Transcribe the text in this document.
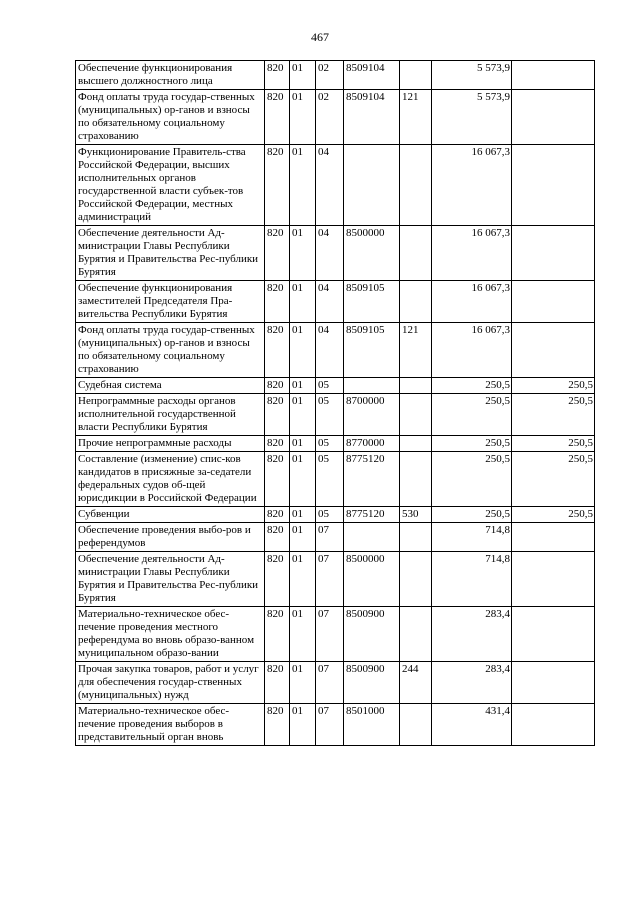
467
Обеспечение функционирования высшего должностного лица	820	01	02	8509104		5 573,9	
Фонд оплаты труда государ-ственных (муниципальных) ор-ганов и взносы по обязательному социальному страхованию	820	01	02	8509104	121	5 573,9	
Функционирование Правитель-ства Российской Федерации, высших исполнительных органов государственной власти субъек-тов Российской Федерации, местных администраций	820	01	04			16 067,3	
Обеспечение деятельности Ад-министрации Главы Республики Бурятия и Правительства Рес-публики Бурятия	820	01	04	8500000		16 067,3	
Обеспечение функционирования заместителей Председателя Пра-вительства Республики Бурятия	820	01	04	8509105		16 067,3	
Фонд оплаты труда государ-ственных (муниципальных) ор-ганов и взносы по обязательному социальному страхованию	820	01	04	8509105	121	16 067,3	
Судебная система	820	01	05			250,5	250,5
Непрограммные расходы органов исполнительной государственной власти Республики Бурятия	820	01	05	8700000		250,5	250,5
Прочие непрограммные расходы	820	01	05	8770000		250,5	250,5
Составление (изменение) спис-ков кандидатов в присяжные за-седатели федеральных судов об-щей юрисдикции в Российской Федерации	820	01	05	8775120		250,5	250,5
Субвенции	820	01	05	8775120	530	250,5	250,5
Обеспечение проведения выбо-ров и референдумов	820	01	07			714,8	
Обеспечение деятельности Ад-министрации Главы Республики Бурятия и Правительства Рес-публики Бурятия	820	01	07	8500000		714,8	
Материально-техническое обес-печение проведения местного референдума во вновь образо-ванном муниципальном образо-вании	820	01	07	8500900		283,4	
Прочая закупка товаров, работ и услуг для обеспечения государ-ственных (муниципальных) нужд	820	01	07	8500900	244	283,4	
Материально-техническое обес-печение проведения выборов в представительный орган вновь	820	01	07	8501000		431,4	
